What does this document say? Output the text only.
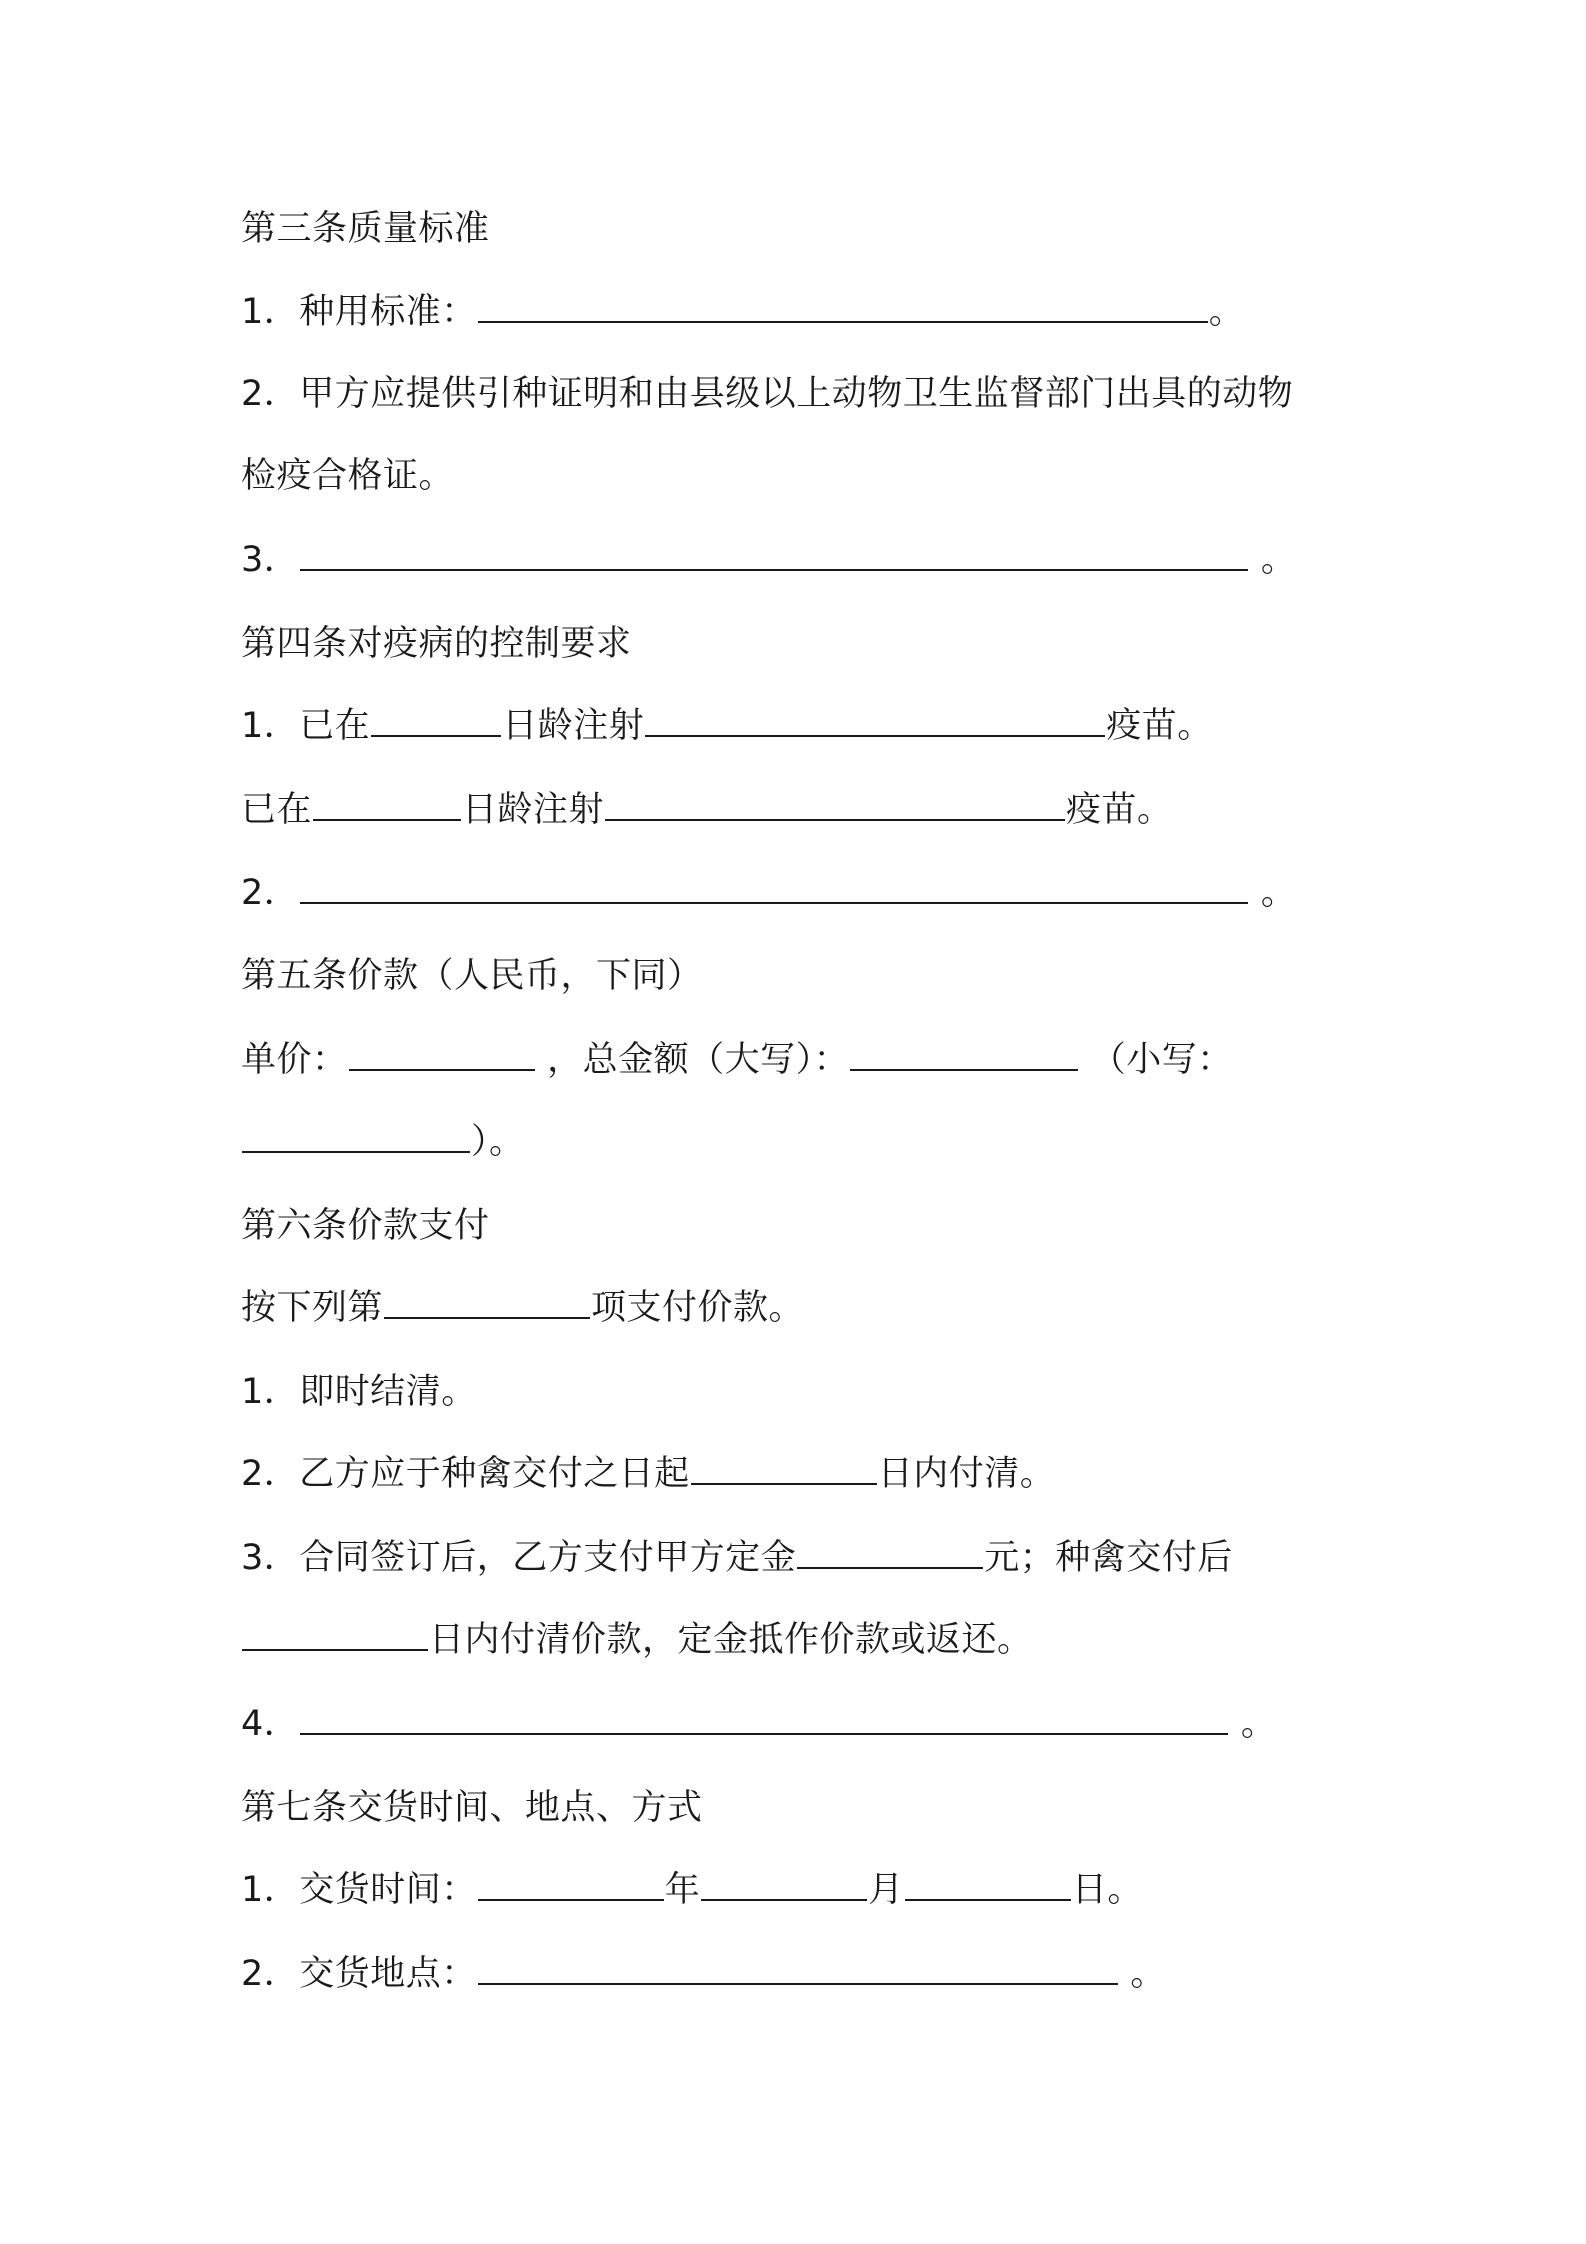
第三条质量标准
1．种用标准：	。
2．甲方应提供引种证明和由县级以上动物卫生监督部门出具的动物
检疫合格证。
3．	。
第四条对疫病的控制要求
1．已在	日龄注射	疫苗。
已在	日龄注射	疫苗。
2．	。
第五条价款（人民币，下同）
单价：	，总金额（大写）：	（小写：
）。
第六条价款支付
按下列第	项支付价款。
1．即时结清。
2．乙方应于种禽交付之日起	日内付清。
3．合同签订后，乙方支付甲方定金	元；种禽交付后
日内付清价款，定金抵作价款或返还。
4．	。
第七条交货时间、地点、方式
1．交货时间：	年	月	日。
2．交货地点：	。
